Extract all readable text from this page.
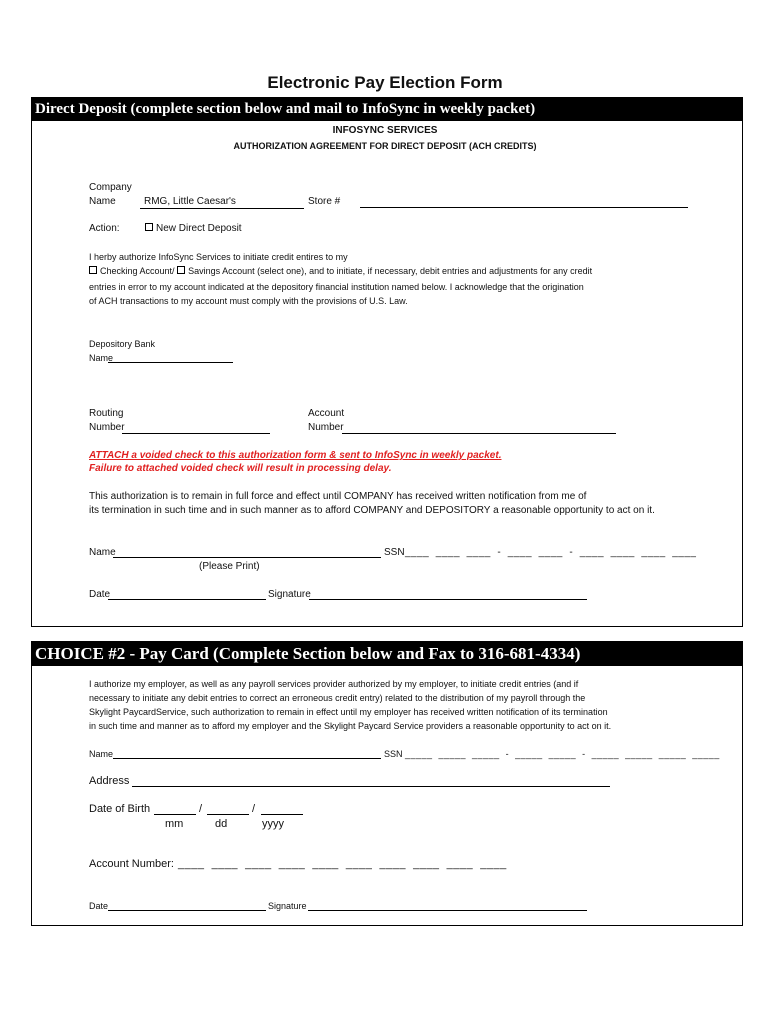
Electronic Pay Election Form
Direct Deposit (complete section below and mail to InfoSync in weekly packet)
INFOSYNC SERVICES
AUTHORIZATION AGREEMENT FOR DIRECT DEPOSIT (ACH CREDITS)
Company
Name	RMG, Little Caesar's	Store #
Action:	New Direct Deposit
I herby authorize InfoSync Services to initiate credit entires to my
Checking Account/ Savings Account (select one), and to initiate, if necessary, debit entries and adjustments for any credit
entries in error to my account indicated at the depository financial institution named below. I acknowledge that the origination
of ACH transactions to my account must comply with the provisions of U.S. Law.
Depository Bank
Name
Routing
Number
Account
Number
ATTACH a voided check to this authorization form & sent to InfoSync in weekly packet.
Failure to attached voided check will result in processing delay.
This authorization is to remain in full force and effect until COMPANY has received written notification from me of
its termination in such time and in such manner as to afford COMPANY and DEPOSITORY a reasonable opportunity to act on it.
Name	SSN ____  ____  ____  -  ____  ____  -  ____  ____  ____  ____
(Please Print)
Date	Signature
CHOICE #2 - Pay Card (Complete Section below and Fax to 316-681-4334)
I authorize my employer, as well as any payroll services provider authorized by my employer, to initiate credit entries (and if
necessary to initiate any debit entries to correct an erroneous credit entry) related to the distribution of my payroll through the
Skylight PaycardService, such authorization to remain in effect until my employer has received written notification of its termination
in such time and manner as to afford my employer and the Skylight Paycard Service providers a reasonable opportunity to act on it.
Name	SSN _____  _____  _____  -  _____  _____  -  _____  _____  _____  _____
Address
Date of Birth	/	/
mm	dd	yyyy
Account Number: ____  ____  ____  ____  ____  ____  ____  ____  ____  ____
Date	Signature
